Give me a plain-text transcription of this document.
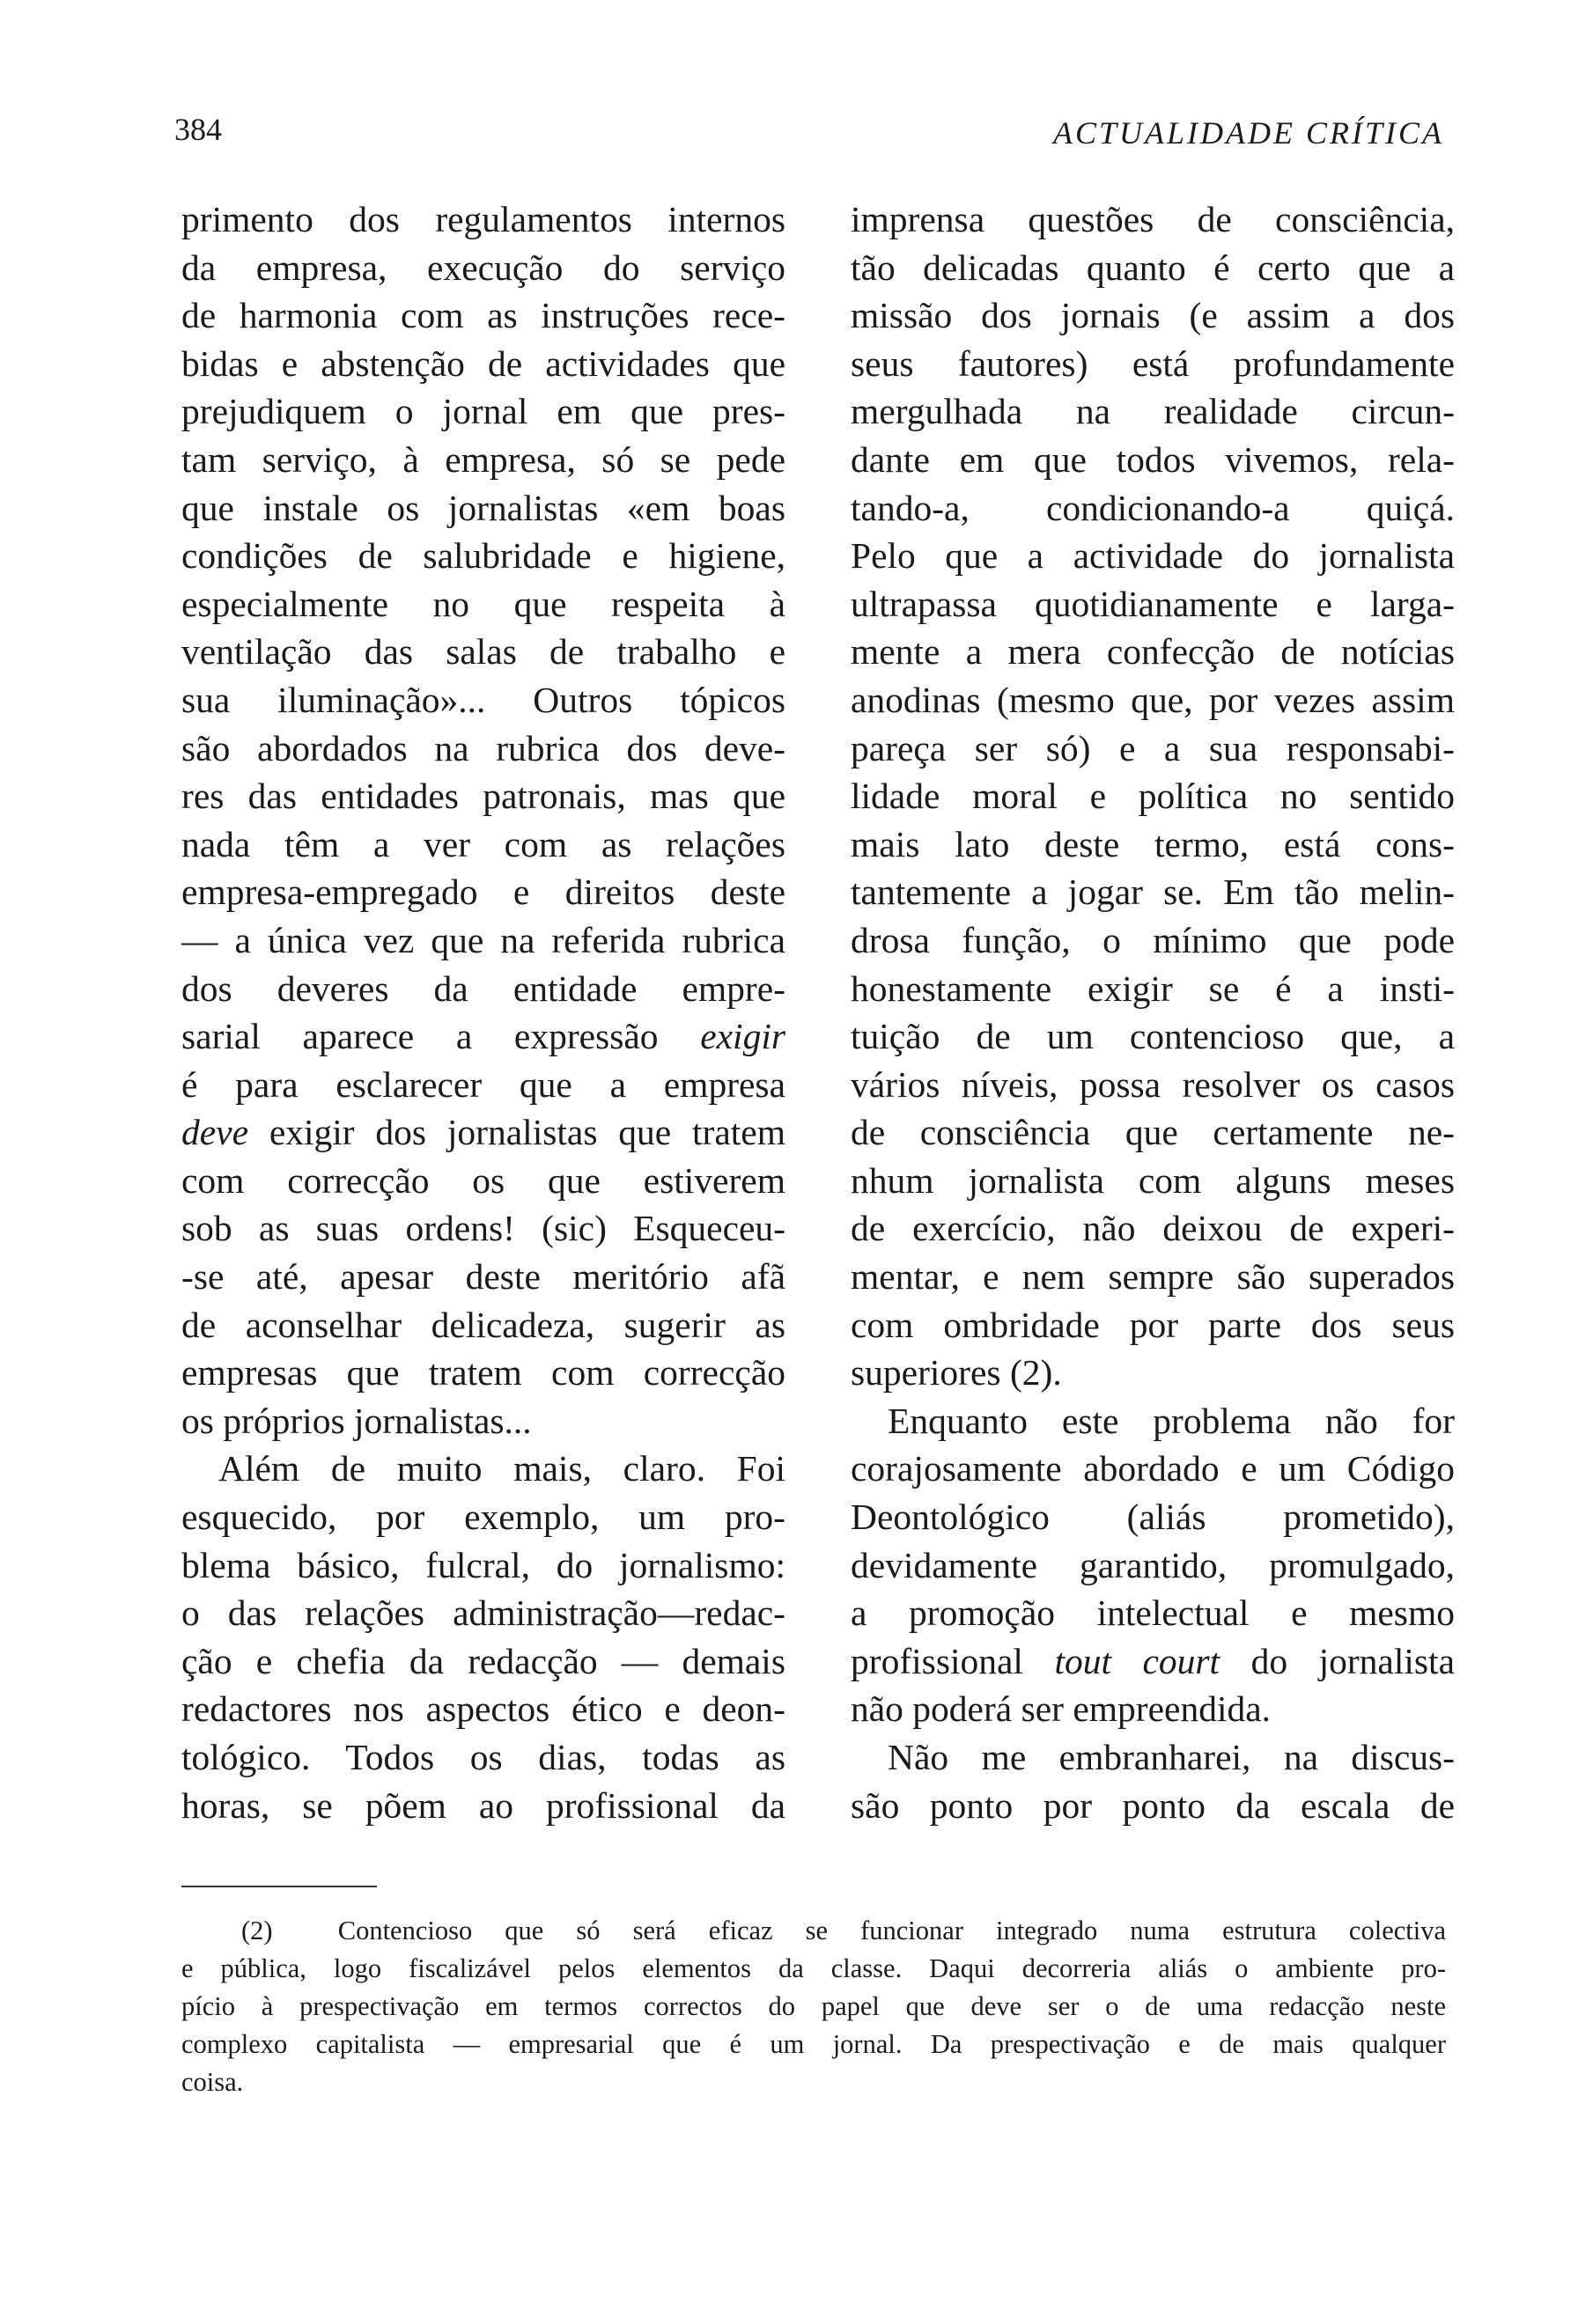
384	ACTUALIDADE CRÍTICA
primento dos regulamentos internos
da empresa, execução do serviço
de harmonia com as instruções rece-
bidas e abstenção de actividades que
prejudiquem o jornal em que pres-
tam serviço, à empresa, só se pede
que instale os jornalistas «em boas
condições de salubridade e higiene,
especialmente no que respeita à
ventilação das salas de trabalho e
sua iluminação»... Outros tópicos
são abordados na rubrica dos deve-
res das entidades patronais, mas que
nada têm a ver com as relações
empresa-empregado e direitos deste
— a única vez que na referida rubrica
dos deveres da entidade empre-
sarial aparece a expressão exigir
é para esclarecer que a empresa
deve exigir dos jornalistas que tratem
com correcção os que estiverem
sob as suas ordens! (sic) Esqueceu-
-se até, apesar deste meritório afã
de aconselhar delicadeza, sugerir as
empresas que tratem com correcção
os próprios jornalistas...
Além de muito mais, claro. Foi
esquecido, por exemplo, um pro-
blema básico, fulcral, do jornalismo:
o das relações administração—redac-
ção e chefia da redacção — demais
redactores nos aspectos ético e deon-
tológico. Todos os dias, todas as
horas, se põem ao profissional da
imprensa questões de consciência,
tão delicadas quanto é certo que a
missão dos jornais (e assim a dos
seus fautores) está profundamente
mergulhada na realidade circun-
dante em que todos vivemos, rela-
tando-a, condicionando-a quiçá.
Pelo que a actividade do jornalista
ultrapassa quotidianamente e larga-
mente a mera confecção de notícias
anodinas (mesmo que, por vezes assim
pareça ser só) e a sua responsabi-
lidade moral e política no sentido
mais lato deste termo, está cons-
tantemente a jogar se. Em tão melin-
drosa função, o mínimo que pode
honestamente exigir se é a insti-
tuição de um contencioso que, a
vários níveis, possa resolver os casos
de consciência que certamente ne-
nhum jornalista com alguns meses
de exercício, não deixou de experi-
mentar, e nem sempre são superados
com ombridade por parte dos seus
superiores (2).
Enquanto este problema não for
corajosamente abordado e um Código
Deontológico (aliás prometido),
devidamente garantido, promulgado,
a promoção intelectual e mesmo
profissional tout court do jornalista
não poderá ser empreendida.
Não me embranharei, na discus-
são ponto por ponto da escala de
(2) Contencioso que só será eficaz se funcionar integrado numa estrutura colectiva
e pública, logo fiscalizável pelos elementos da classe. Daqui decorreria aliás o ambiente pro-
pício à prespectivação em termos correctos do papel que deve ser o de uma redacção neste
complexo capitalista — empresarial que é um jornal. Da prespectivação e de mais qualquer
coisa.
